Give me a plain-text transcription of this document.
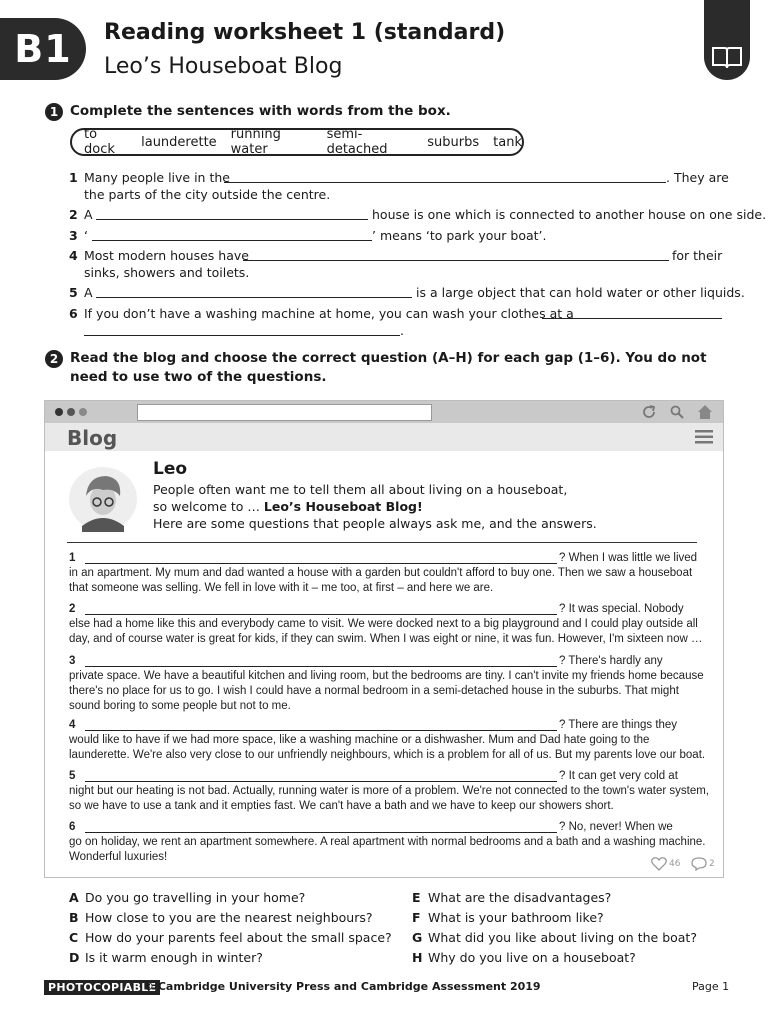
B1	Reading worksheet 1 (standard)
Leo’s Houseboat Blog
1 Complete the sentences with words from the box.
to dock	launderette running water
semi-detached	suburbs tank
1 Many people live in the	. They are
the parts of the city outside the centre.
2 A	house is one which is connected to another house on one side.
3 ‘	’ means ‘to park your boat’.
4 Most modern houses have	for their
sinks, showers and toilets.
5 A	is a large object that can hold water or other liquids.
6 If you don’t have a washing machine at home, you can wash your clothes at a
.
2 Read the blog and choose the correct question (A–H) for each gap (1–6). You do not need to use two of the questions.
Blog
Leo
People often want me to tell them all about living on a houseboat,
so welcome to … Leo’s Houseboat Blog!
Here are some questions that people always ask me, and the answers.
1	? When I was little we lived
in an apartment. My mum and dad wanted a house with a garden but couldn't afford to buy one. Then we saw a houseboat that someone was selling. We fell in love with it – me too, at first – and here we are.
2	? It was special. Nobody
else had a home like this and everybody came to visit. We were docked next to a big playground and I could play outside all day, and of course water is great for kids, if they can swim. When I was eight or nine, it was fun. However, I'm sixteen now …
3	? There's hardly any
private space. We have a beautiful kitchen and living room, but the bedrooms are tiny. I can't invite my friends home because there's no place for us to go. I wish I could have a normal bedroom in a semi-detached house in the suburbs. That might sound boring to some people but not to me.
4	? There are things they
would like to have if we had more space, like a washing machine or a dishwasher. Mum and Dad hate going to the launderette. We're also very close to our unfriendly neighbours, which is a problem for all of us. But my parents love our boat.
5	? It can get very cold at
night but our heating is not bad. Actually, running water is more of a problem. We're not connected to the town's water system, so we have to use a tank and it empties fast. We can't have a bath and we have to keep our showers short.
6	? No, never! When we
go on holiday, we rent an apartment somewhere. A real apartment with normal bedrooms and a bath and a washing machine. Wonderful luxuries!
46	2
A Do you go travelling in your home?
B How close to you are the nearest neighbours?
C How do your parents feel about the small space?
D Is it warm enough in winter?
E What are the disadvantages?
F What is your bathroom like?
G What did you like about living on the boat?
H Why do you live on a houseboat?
PHOTOCOPIABLE
© Cambridge University Press and Cambridge Assessment 2019	Page 1
